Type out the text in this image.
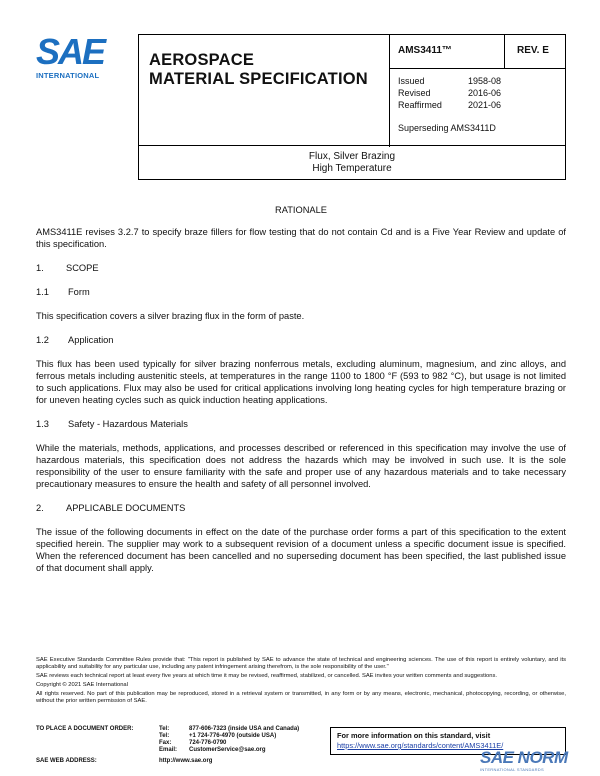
SAE
INTERNATIONAL
AEROSPACE
MATERIAL SPECIFICATION
AMS3411™	REV. E
Issued	1958-08
Revised	2016-06
Reaffirmed	2021-06
Superseding AMS3411D
Flux, Silver Brazing
High Temperature
RATIONALE
AMS3411E revises 3.2.7 to specify braze fillers for flow testing that do not contain Cd and is a Five Year Review and update of this specification.
1.	SCOPE
1.1	Form
This specification covers a silver brazing flux in the form of paste.
1.2	Application
This flux has been used typically for silver brazing nonferrous metals, excluding aluminum, magnesium, and zinc alloys, and ferrous metals including austenitic steels, at temperatures in the range 1100 to 1800 °F (593 to 982 °C), but usage is not limited to such applications. Flux may also be used for critical applications involving long heating cycles for high temperature brazing or for uneven heating cycles such as quick induction heating applications.
1.3	Safety - Hazardous Materials
While the materials, methods, applications, and processes described or referenced in this specification may involve the use of hazardous materials, this specification does not address the hazards which may be involved in such use. It is the sole responsibility of the user to ensure familiarity with the safe and proper use of any hazardous materials and to take necessary precautionary measures to ensure the health and safety of all personnel involved.
2.	APPLICABLE DOCUMENTS
The issue of the following documents in effect on the date of the purchase order forms a part of this specification to the extent specified herein. The supplier may work to a subsequent revision of a document unless a specific document issue is specified. When the referenced document has been cancelled and no superseding document has been specified, the last published issue of that document shall apply.
SAE Executive Standards Committee Rules provide that: "This report is published by SAE to advance the state of technical and engineering sciences. The use of this report is entirely voluntary, and its applicability and suitability for any particular use, including any patent infringement arising therefrom, is the sole responsibility of the user."
SAE reviews each technical report at least every five years at which time it may be revised, reaffirmed, stabilized, or cancelled. SAE invites your written comments and suggestions.
Copyright © 2021 SAE International
All rights reserved. No part of this publication may be reproduced, stored in a retrieval system or transmitted, in any form or by any means, electronic, mechanical, photocopying, recording, or otherwise, without the prior written permission of SAE.
TO PLACE A DOCUMENT ORDER:	Tel:	877-606-7323 (inside USA and Canada)
Tel:	+1 724-776-4970 (outside USA)
Fax:	724-776-0790
Email:	CustomerService@sae.org
SAE WEB ADDRESS:	http://www.sae.org
For more information on this standard, visit
https://www.sae.org/standards/content/AMS3411E/
SAE NORM
INTERNATIONAL STANDARDS
